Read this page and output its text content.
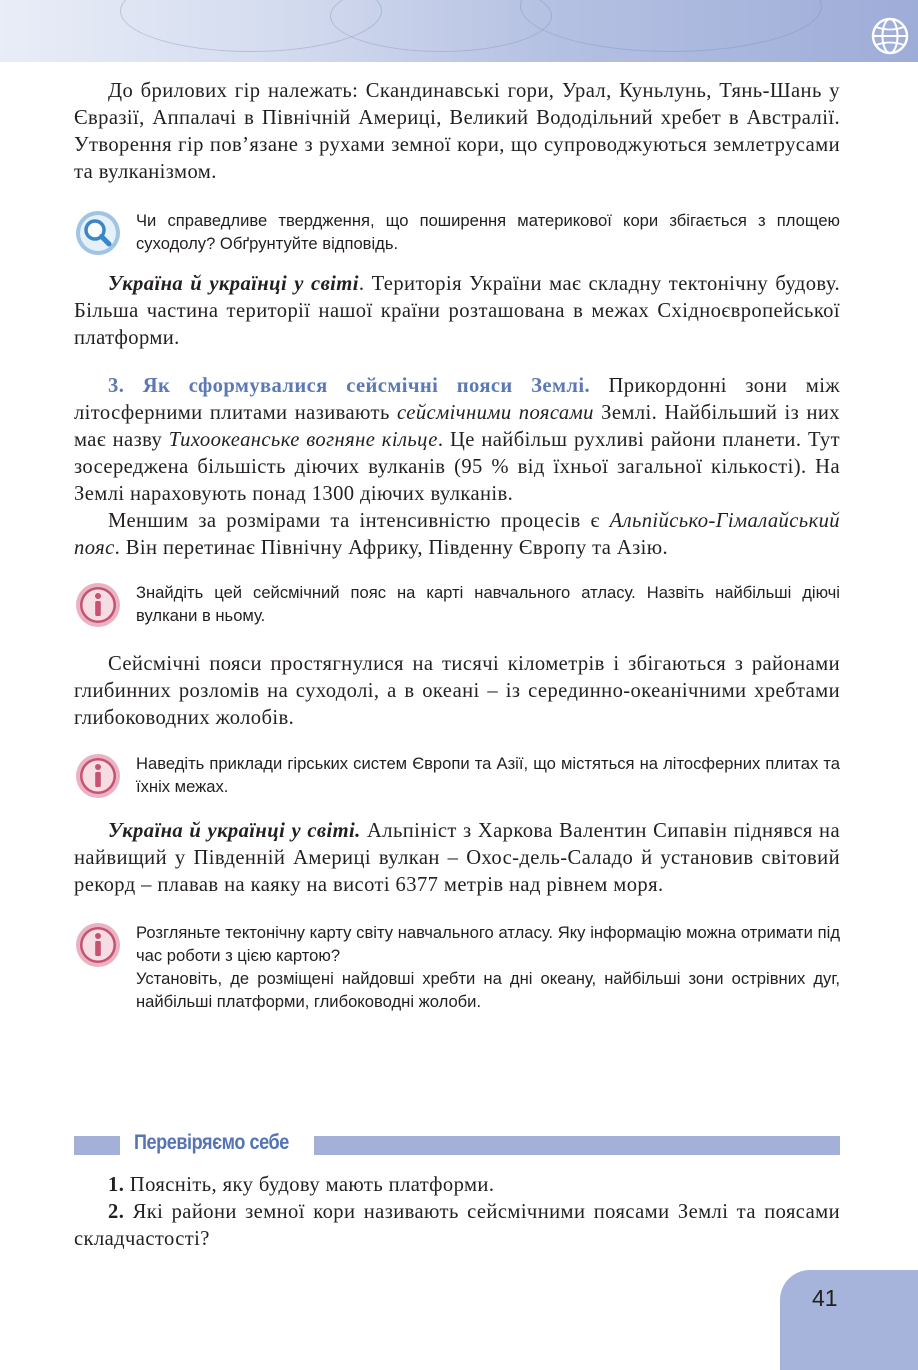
До брилових гір належать: Скандинавські гори, Урал, Куньлунь, Тянь-Шань у Євразії, Аппалачі в Північній Америці, Великий Вододільний хребет в Австралії. Утворення гір пов’язане з рухами земної кори, що супроводжуються землетрусами та вулканізмом.

Чи справедливе твердження, що поширення материкової кори збігається з площею суходолу? Обґрунтуйте відповідь.

Україна й українці у світі. Територія України має складну тектонічну будову. Більша частина території нашої країни розташована в межах Східноєвропейської платформи.

3. Як сформувалися сейсмічні пояси Землі. Прикордонні зони між літосферними плитами називають сейсмічними поясами Землі. Найбільший із них має назву Тихоокеанське вогняне кільце. Це найбільш рухливі райони планети. Тут зосереджена більшість діючих вулканів (95 % від їхньої загальної кількості). На Землі нараховують понад 1300 діючих вулканів.

Меншим за розмірами та інтенсивністю процесів є Альпійсько-Гімалайський пояс. Він перетинає Північну Африку, Південну Європу та Азію.

Знайдіть цей сейсмічний пояс на карті навчального атласу. Назвіть найбільші діючі вулкани в ньому.

Сейсмічні пояси простягнулися на тисячі кілометрів і збігаються з районами глибинних розломів на суходолі, а в океані – із серединно-океанічними хребтами глибоководних жолобів.

Наведіть приклади гірських систем Європи та Азії, що містяться на літосферних плитах та їхніх межах.

Україна й українці у світі. Альпініст з Харкова Валентин Сипавін піднявся на найвищий у Південній Америці вулкан – Охос-дель-Саладо й установив світовий рекорд – плавав на каяку на висоті 6377 метрів над рівнем моря.

Розгляньте тектонічну карту світу навчального атласу. Яку інформацію можна отримати під час роботи з цією картою?
Установіть, де розміщені найдовші хребти на дні океану, найбільші зони острівних дуг, найбільші платформи, глибоководні жолоби.
Перевіряємо себе

1. Поясніть, яку будову мають платформи.

2. Які райони земної кори називають сейсмічними поясами Землі та поясами складчастості?

41
